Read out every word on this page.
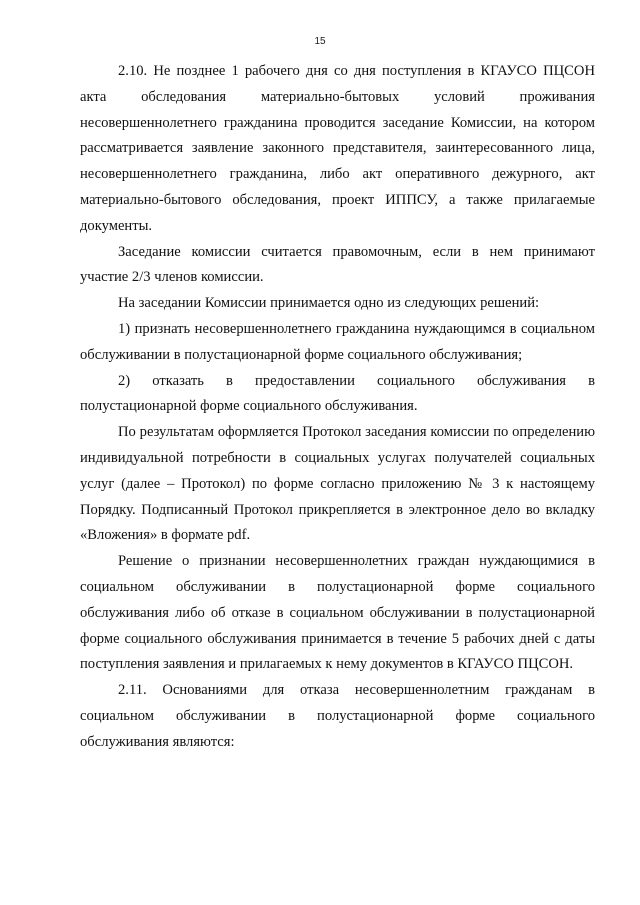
15

2.10. Не позднее 1 рабочего дня со дня поступления в КГАУСО ПЦСОН акта обследования материально-бытовых условий проживания несовершеннолетнего гражданина проводится заседание Комиссии, на котором рассматривается заявление законного представителя, заинтересованного лица, несовершеннолетнего гражданина, либо акт оперативного дежурного, акт материально-бытового обследования, проект ИППСУ, а также прилагаемые документы.

Заседание комиссии считается правомочным, если в нем принимают участие 2/3 членов комиссии.

На заседании Комиссии принимается одно из следующих решений:

1) признать несовершеннолетнего гражданина нуждающимся в социальном обслуживании в полустационарной форме социального обслуживания;

2) отказать в предоставлении социального обслуживания в полустационарной форме социального обслуживания.

По результатам оформляется Протокол заседания комиссии по определению индивидуальной потребности в социальных услугах получателей социальных услуг (далее – Протокол) по форме согласно приложению № 3 к настоящему Порядку. Подписанный Протокол прикрепляется в электронное дело во вкладку «Вложения» в формате pdf.

Решение о признании несовершеннолетних граждан нуждающимися в социальном обслуживании в полустационарной форме социального обслуживания либо об отказе в социальном обслуживании в полустационарной форме социального обслуживания принимается в течение 5 рабочих дней с даты поступления заявления и прилагаемых к нему документов в КГАУСО ПЦСОН.

2.11. Основаниями для отказа несовершеннолетним гражданам в социальном обслуживании в полустационарной форме социального обслуживания являются:
